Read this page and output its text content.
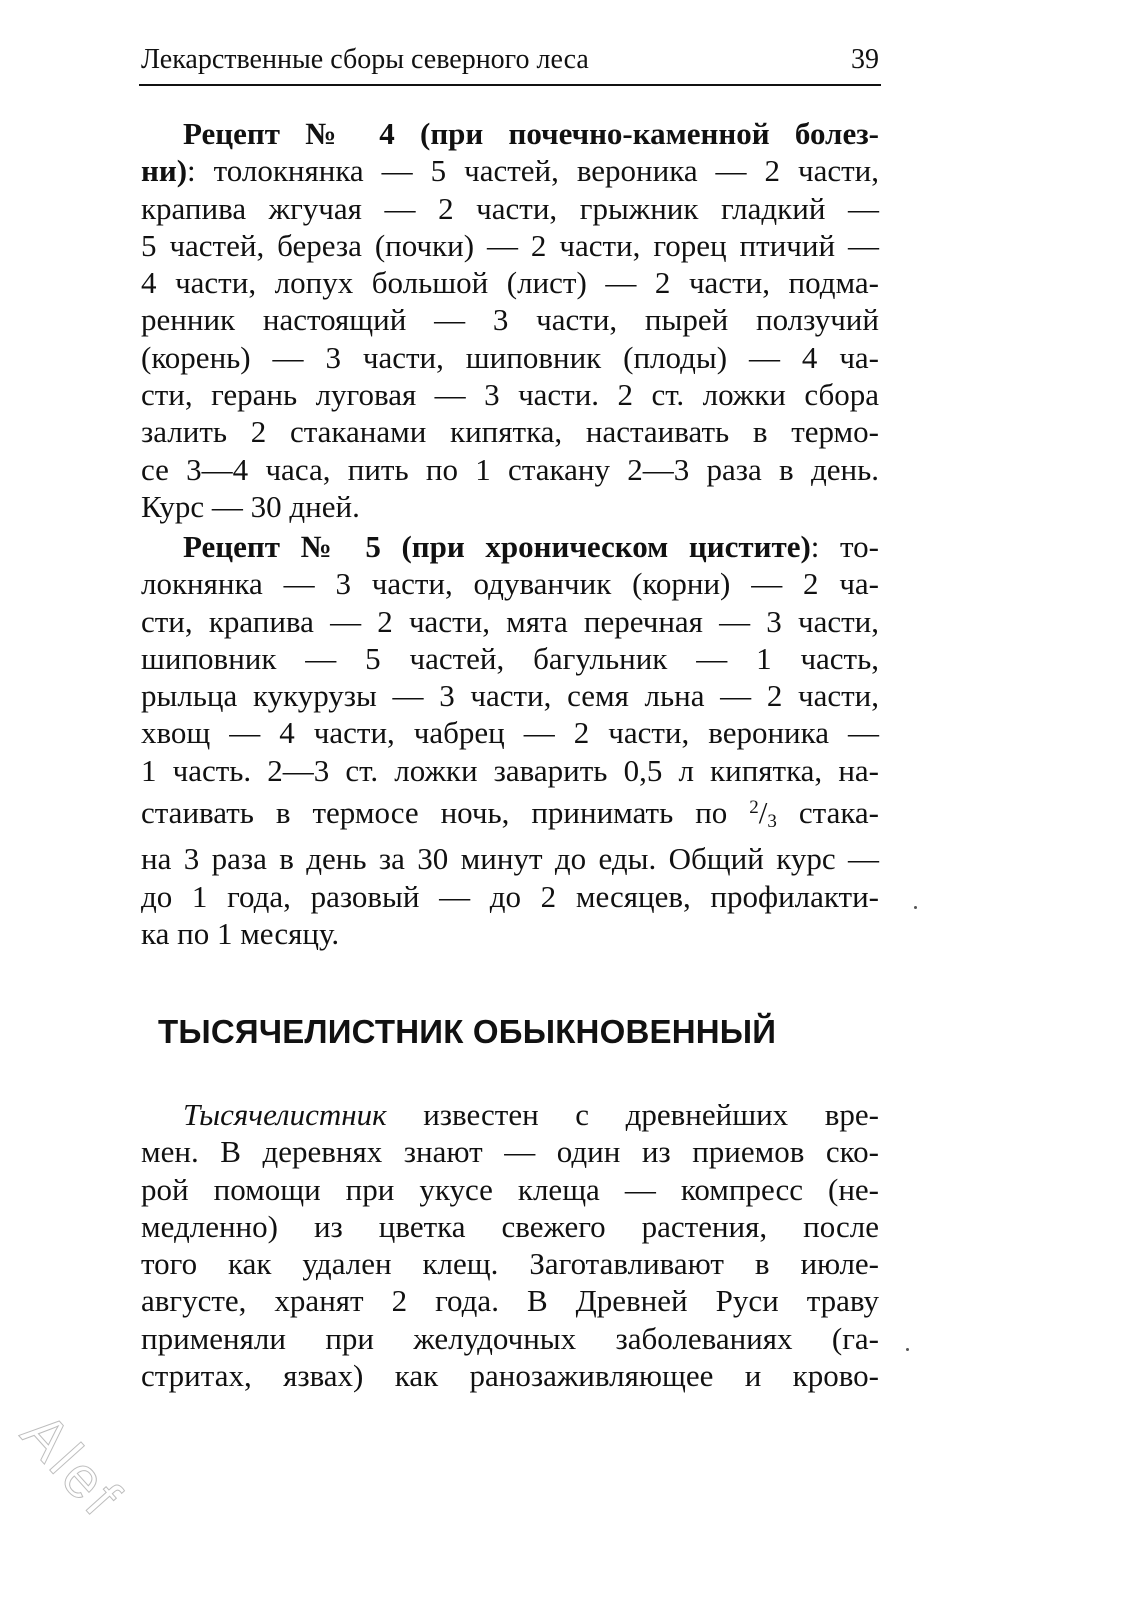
Лекарственные сборы северного леса	39
Рецепт № 4 (при почечно-каменной болез-
ни): толокнянка — 5 частей, вероника — 2 части,
крапива жгучая — 2 части, грыжник гладкий —
5 частей, береза (почки) — 2 части, горец птичий —
4 части, лопух большой (лист) — 2 части, подма-
ренник настоящий — 3 части, пырей ползучий
(корень) — 3 части, шиповник (плоды) — 4 ча-
сти, герань луговая — 3 части. 2 ст. ложки сбора
залить 2 стаканами кипятка, настаивать в термо-
се 3—4 часа, пить по 1 стакану 2—3 раза в день.
Курс — 30 дней.
Рецепт № 5 (при хроническом цистите): то-
локнянка — 3 части, одуванчик (корни) — 2 ча-
сти, крапива — 2 части, мята перечная — 3 части,
шиповник — 5 частей, багульник — 1 часть,
рыльца кукурузы — 3 части, семя льна — 2 части,
хвощ — 4 части, чабрец — 2 части, вероника —
1 часть. 2—3 ст. ложки заварить 0,5 л кипятка, на-
стаивать в термосе ночь, принимать по $^2/_3$ стака-
на 3 раза в день за 30 минут до еды. Общий курс —
до 1 года, разовый — до 2 месяцев, профилакти-
ка по 1 месяцу.
ТЫСЯЧЕЛИСТНИК ОБЫКНОВЕННЫЙ
Тысячелистник известен с древнейших вре-
мен. В деревнях знают — один из приемов ско-
рой помощи при укусе клеща — компресс (не-
медленно) из цветка свежего растения, после
того как удален клещ. Заготавливают в июле-
августе, хранят 2 года. В Древней Руси траву
применяли при желудочных заболеваниях (га-
стритах, язвах) как ранозаживляющее и крово-
Alef
